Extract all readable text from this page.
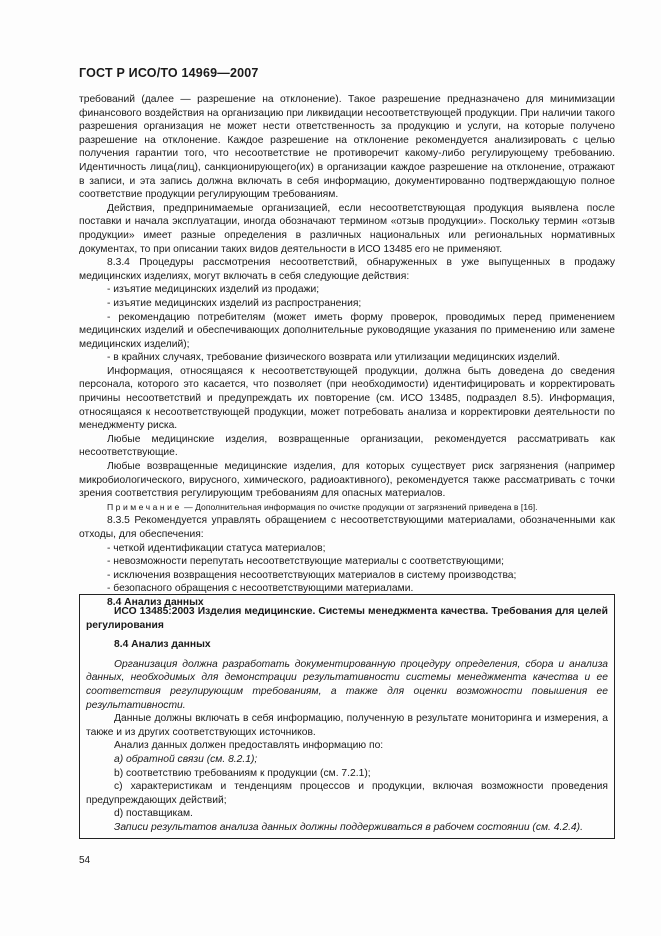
ГОСТ Р ИСО/ТО 14969—2007

требований (далее — разрешение на отклонение). Такое разрешение предназначено для минимизации финансового воздействия на организацию при ликвидации несоответствующей продукции. При наличии такого разрешения организация не может нести ответственность за продукцию и услуги, на которые получено разрешение на отклонение. Каждое разрешение на отклонение рекомендуется анализировать с целью получения гарантии того, что несоответствие не противоречит какому-либо регулирующему требованию. Идентичность лица(лиц), санкционирующего(их) в организации каждое разрешение на отклонение, отражают в записи, и эта запись должна включать в себя информацию, документированно подтверждающую полное соответствие продукции регулирующим требованиям.

Действия, предпринимаемые организацией, если несоответствующая продукция выявлена после поставки и начала эксплуатации, иногда обозначают термином «отзыв продукции». Поскольку термин «отзыв продукции» имеет разные определения в различных национальных или региональных нормативных документах, то при описании таких видов деятельности в ИСО 13485 его не применяют.

8.3.4 Процедуры рассмотрения несоответствий, обнаруженных в уже выпущенных в продажу медицинских изделиях, могут включать в себя следующие действия:

- изъятие медицинских изделий из продажи;

- изъятие медицинских изделий из распространения;

- рекомендацию потребителям (может иметь форму проверок, проводимых перед применением медицинских изделий и обеспечивающих дополнительные руководящие указания по применению или замене медицинских изделий);

- в крайних случаях, требование физического возврата или утилизации медицинских изделий.

Информация, относящаяся к несоответствующей продукции, должна быть доведена до сведения персонала, которого это касается, что позволяет (при необходимости) идентифицировать и корректировать причины несоответствий и предупреждать их повторение (см. ИСО 13485, подраздел 8.5). Информация, относящаяся к несоответствующей продукции, может потребовать анализа и корректировки деятельности по менеджменту риска.

Любые медицинские изделия, возвращенные организации, рекомендуется рассматривать как несоответствующие.

Любые возвращенные медицинские изделия, для которых существует риск загрязнения (например микробиологического, вирусного, химического, радиоактивного), рекомендуется также рассматривать с точки зрения соответствия регулирующим требованиям для опасных материалов.

Примечание — Дополнительная информация по очистке продукции от загрязнений приведена в [16].

8.3.5 Рекомендуется управлять обращением с несоответствующими материалами, обозначенными как отходы, для обеспечения:

- четкой идентификации статуса материалов;

- невозможности перепутать несоответствующие материалы с соответствующими;

- исключения возвращения несоответствующих материалов в систему производства;

- безопасного обращения с несоответствующими материалами.

8.4 Анализ данных

ИСО 13485:2003 Изделия медицинские. Системы менеджмента качества. Требования для целей регулирования

8.4 Анализ данных

Организация должна разработать документированную процедуру определения, сбора и анализа данных, необходимых для демонстрации результативности системы менеджмента качества и ее соответствия регулирующим требованиям, а также для оценки возможности повышения ее результативности.

Данные должны включать в себя информацию, полученную в результате мониторинга и измерения, а также и из других соответствующих источников.

Анализ данных должен предоставлять информацию по:

a) обратной связи (см. 8.2.1);

b) соответствию требованиям к продукции (см. 7.2.1);

c) характеристикам и тенденциям процессов и продукции, включая возможности проведения предупреждающих действий;

d) поставщикам.

Записи результатов анализа данных должны поддерживаться в рабочем состоянии (см. 4.2.4).

54
